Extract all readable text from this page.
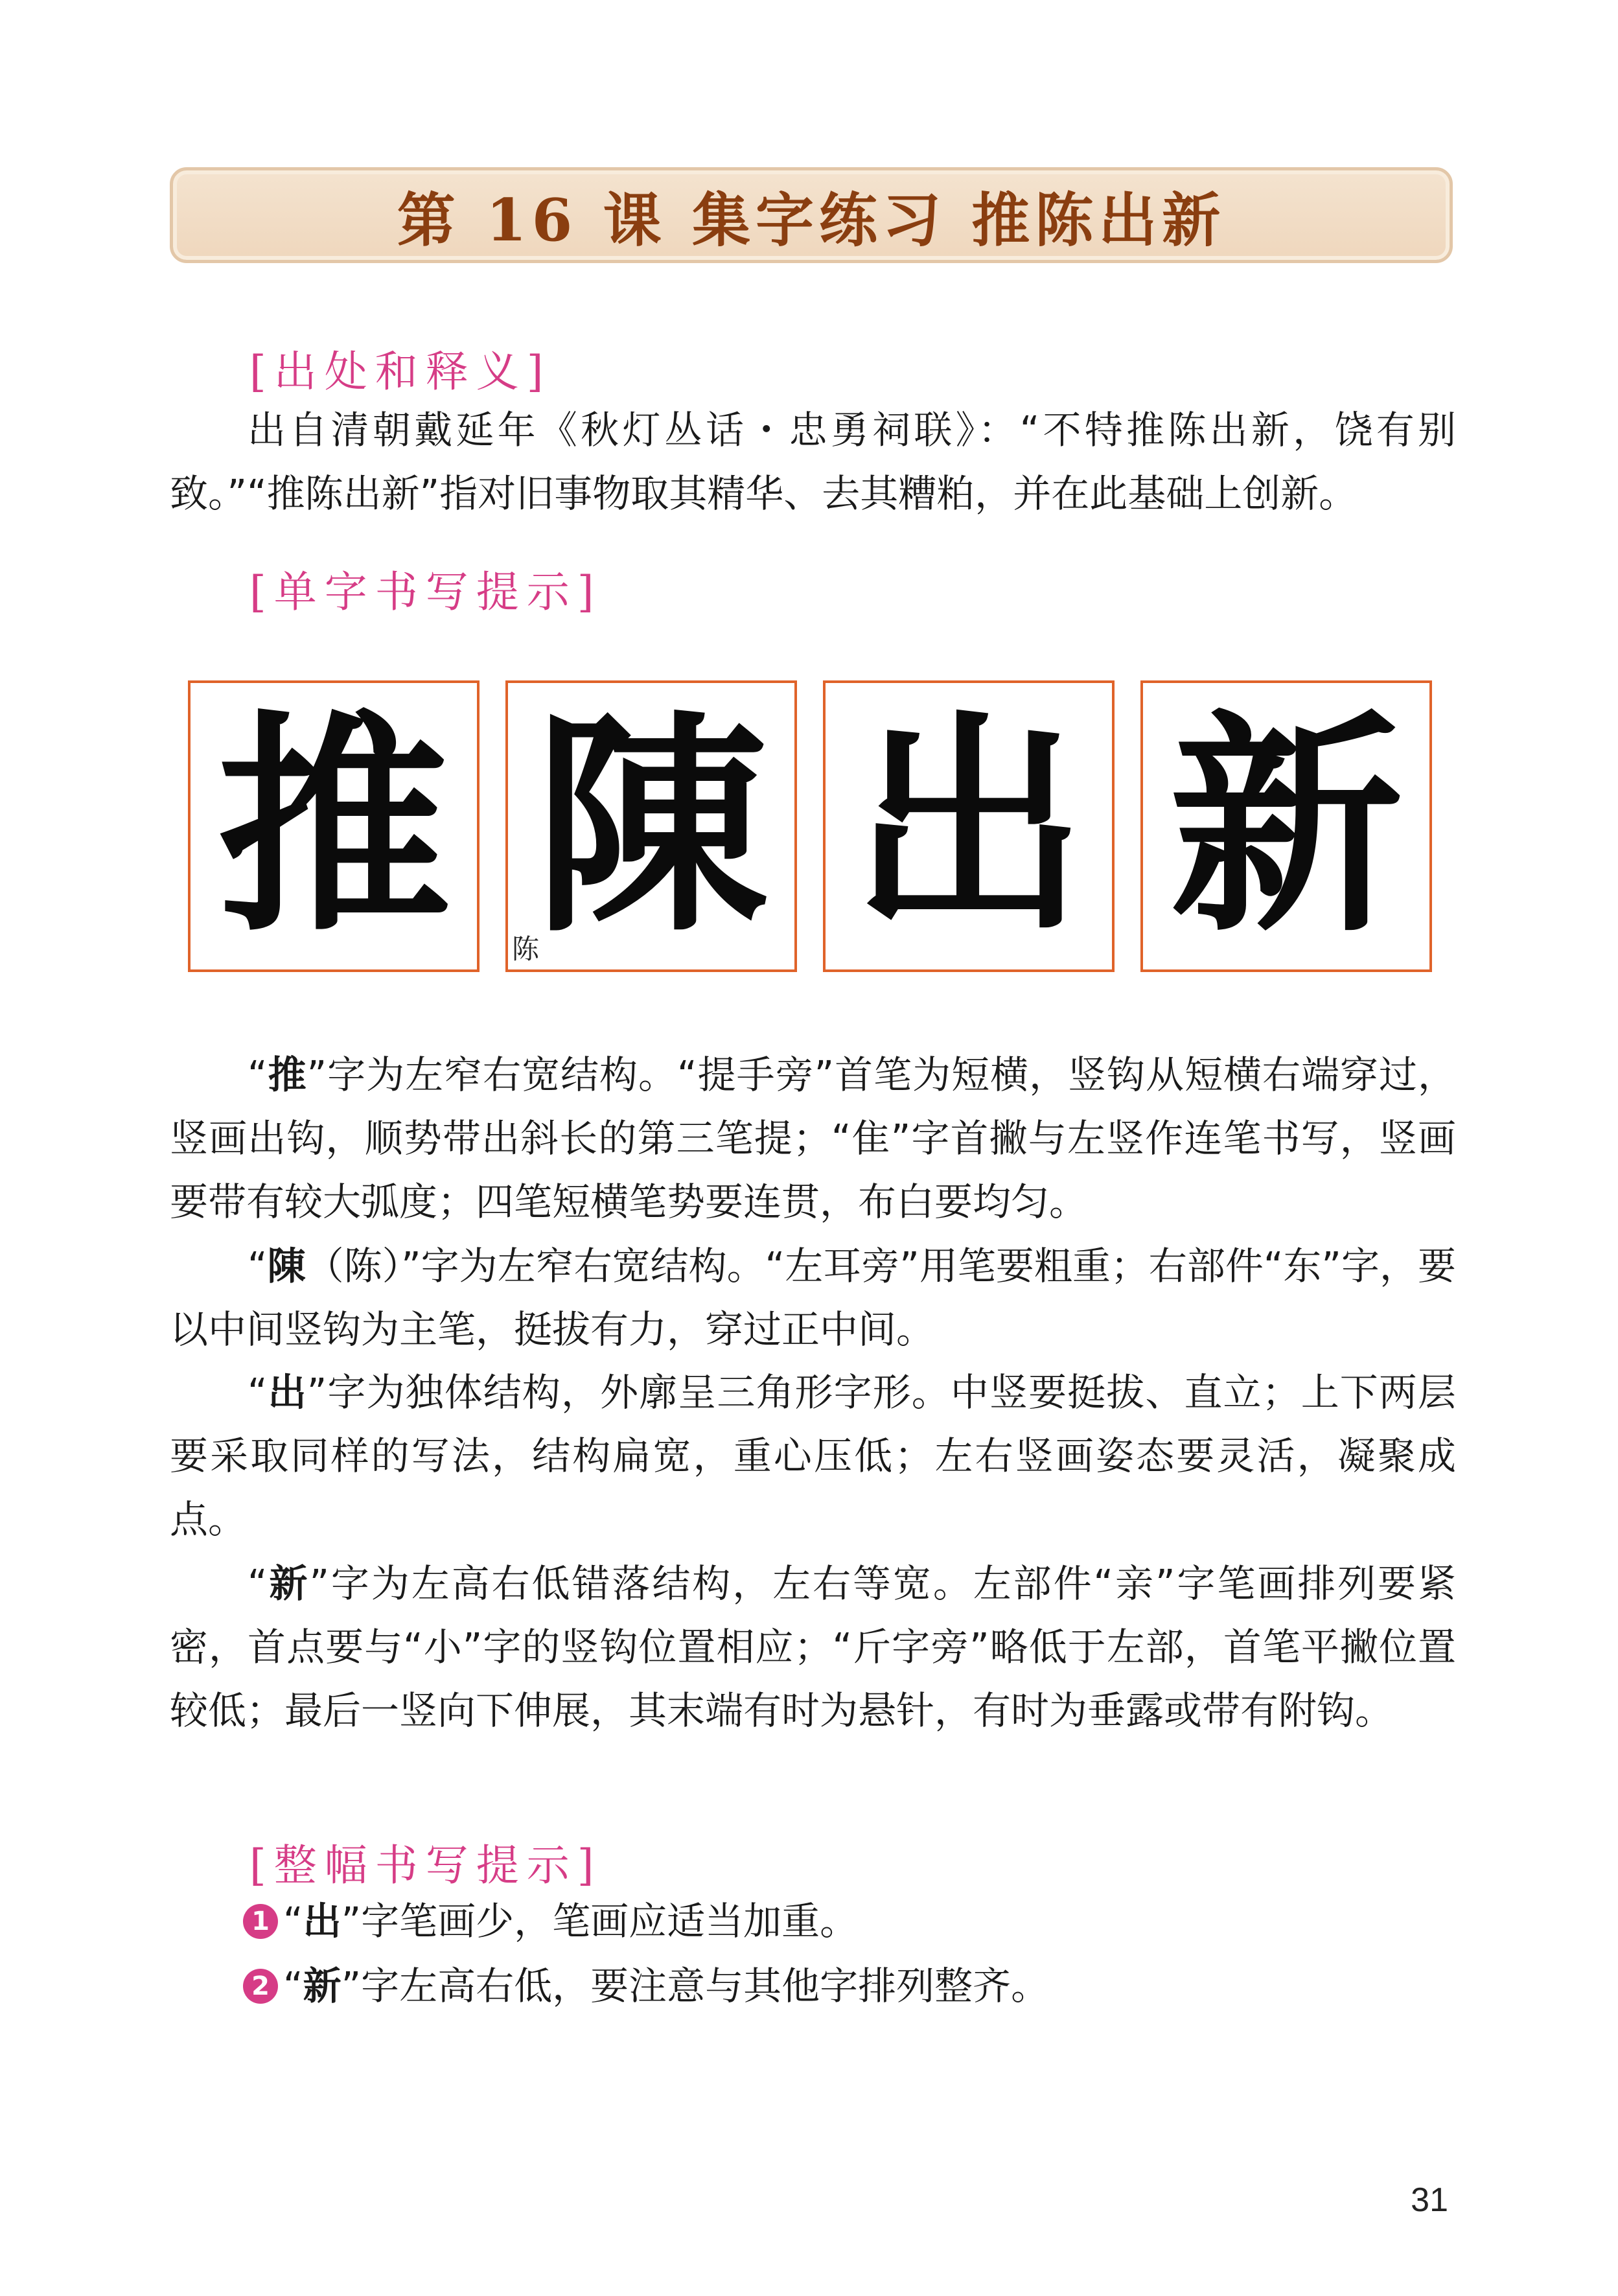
第 16 课 集字练习 推陈出新
[出处和释义]

出自清朝戴延年《秋灯丛话・忠勇祠联》：“不特推陈出新，饶有别致。”“推陈出新”指对旧事物取其精华、去其糟粕，并在此基础上创新。

[单字书写提示]
推 陳
陈 出 新

“推”字为左窄右宽结构。“提手旁”首笔为短横，竖钩从短横右端穿过，竖画出钩，顺势带出斜长的第三笔提；“隹”字首撇与左竖作连笔书写，竖画要带有较大弧度；四笔短横笔势要连贯，布白要均匀。

“陳（陈）”字为左窄右宽结构。“左耳旁”用笔要粗重；右部件“东”字，要以中间竖钩为主笔，挺拔有力，穿过正中间。

“出”字为独体结构，外廓呈三角形字形。中竖要挺拔、直立；上下两层要采取同样的写法，结构扁宽，重心压低；左右竖画姿态要灵活，凝聚成点。

“新”字为左高右低错落结构，左右等宽。左部件“亲”字笔画排列要紧密，首点要与“小”字的竖钩位置相应；“斤字旁”略低于左部，首笔平撇位置较低；最后一竖向下伸展，其末端有时为悬针，有时为垂露或带有附钩。

[整幅书写提示]
1 “ 出 ”字笔画少，笔画应适当加重。
2 “ 新 ”字左高右低，要注意与其他字排列整齐。
31
